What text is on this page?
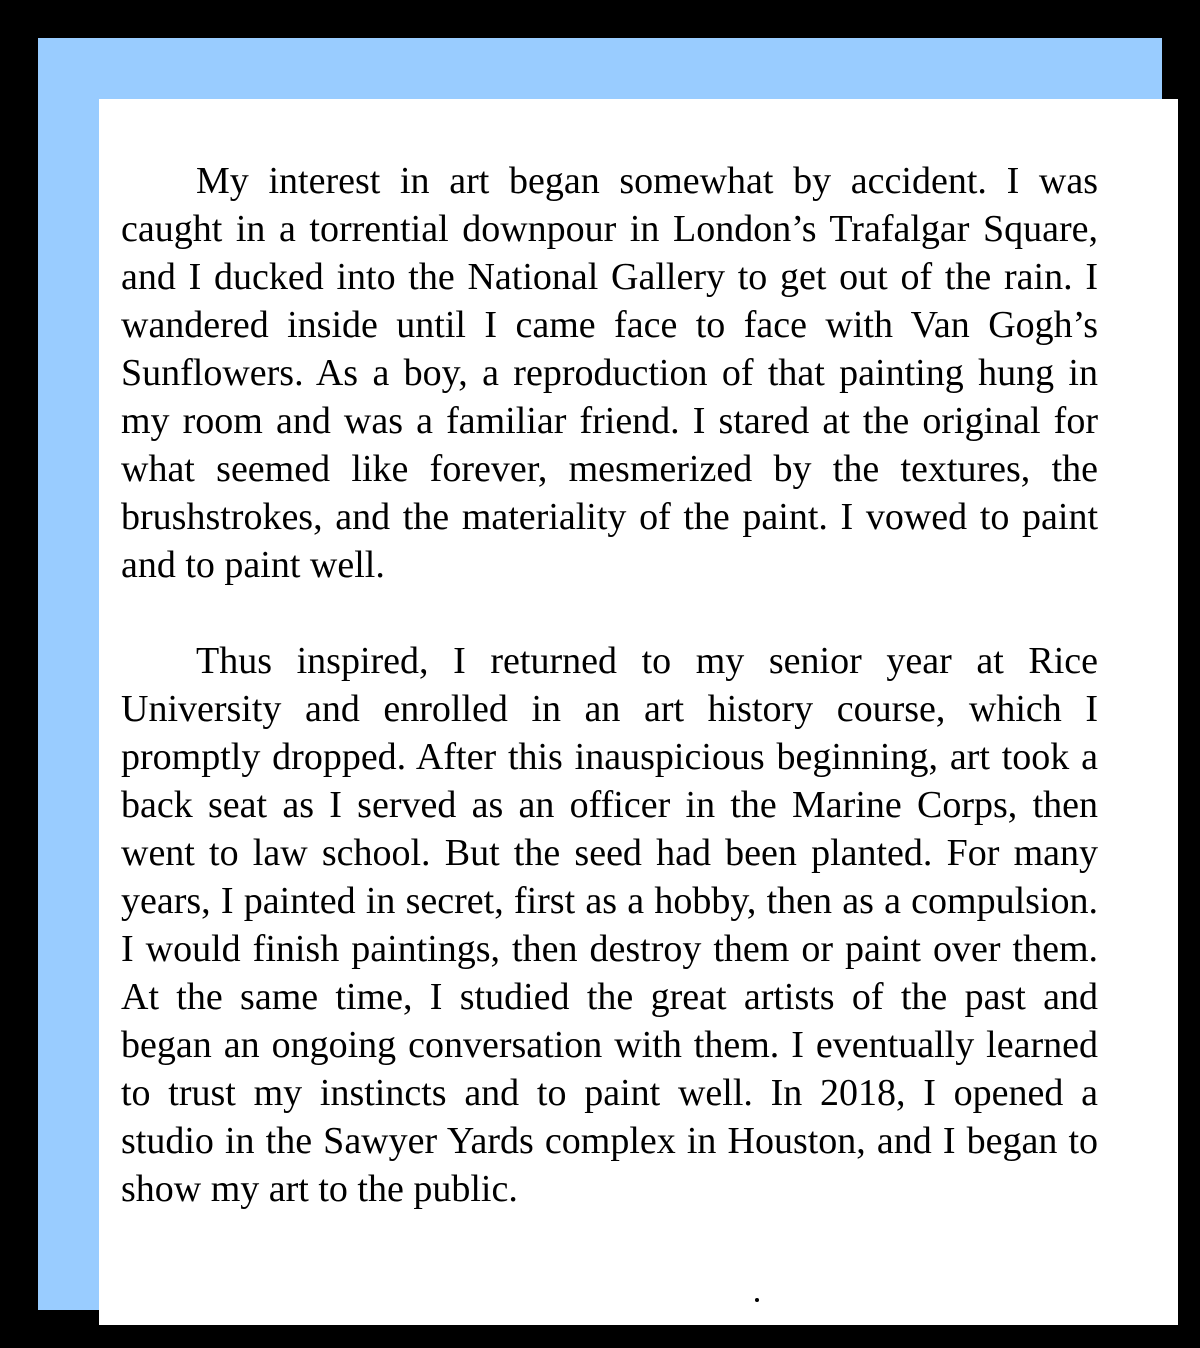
My interest in art began somewhat by accident. I was caught in a torrential downpour in London’s Trafalgar Square, and I ducked into the National Gallery to get out of the rain. I wandered inside until I came face to face with Van Gogh’s Sunflowers. As a boy, a reproduction of that painting hung in my room and was a familiar friend. I stared at the original for what seemed like forever, mesmerized by the textures, the brushstrokes, and the materiality of the paint. I vowed to paint and to paint well.

Thus inspired, I returned to my senior year at Rice University and enrolled in an art history course, which I promptly dropped. After this inauspicious beginning, art took a back seat as I served as an officer in the Marine Corps, then went to law school. But the seed had been planted. For many years, I painted in secret, first as a hobby, then as a compulsion. I would finish paintings, then destroy them or paint over them. At the same time, I studied the great artists of the past and began an ongoing conversation with them. I eventually learned to trust my instincts and to paint well. In 2018, I opened a studio in the Sawyer Yards complex in Houston, and I began to show my art to the public.
